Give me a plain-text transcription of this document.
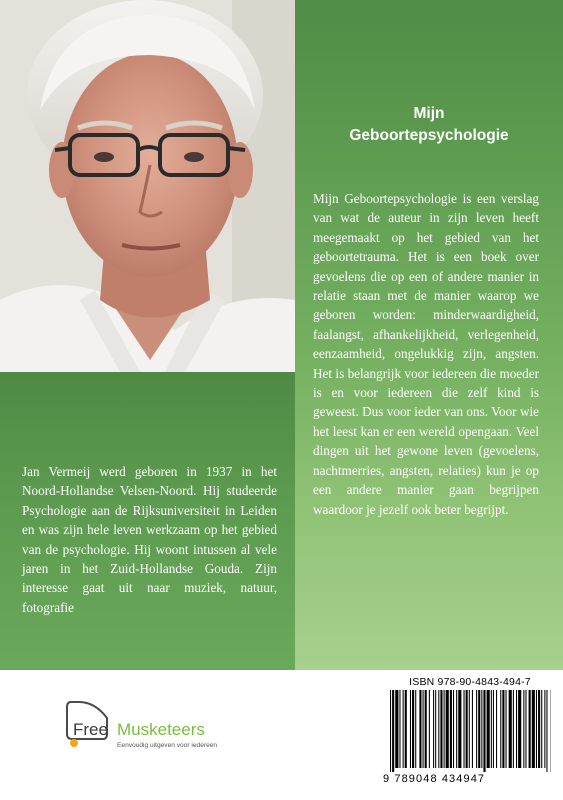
Mijn
Geboortepsychologie
Mijn Geboortepsychologie is een verslag van wat de auteur in zijn leven heeft meegemaakt op het gebied van het geboortetrauma. Het is een boek over gevoelens die op een of andere manier in relatie staan met de manier waarop we geboren worden: minderwaardigheid, faalangst, afhankelijkheid, verlegenheid, eenzaamheid, ongelukkig zijn, angsten. Het is belangrijk voor iedereen die moeder is en voor iedereen die zelf kind is geweest. Dus voor ieder van ons. Voor wie het leest kan er een wereld opengaan. Veel dingen uit het gewone leven (gevoelens, nachtmerries, angsten, relaties) kun je op een andere manier gaan begrijpen waardoor je jezelf ook beter begrijpt.
Jan Vermeij werd geboren in 1937 in het Noord-Hollandse Velsen-Noord. Hij studeerde Psychologie aan de Rijksuniversiteit in Leiden en was zijn hele leven werkzaam op het gebied van de psychologie. Hij woont intussen al vele jaren in het Zuid-Hollandse Gouda. Zijn interesse gaat uit naar muziek, natuur, fotografie
Free Musketeers
Eenvoudig uitgeven voor iedereen
ISBN 978-90-4843-494-7
9 789048 434947
